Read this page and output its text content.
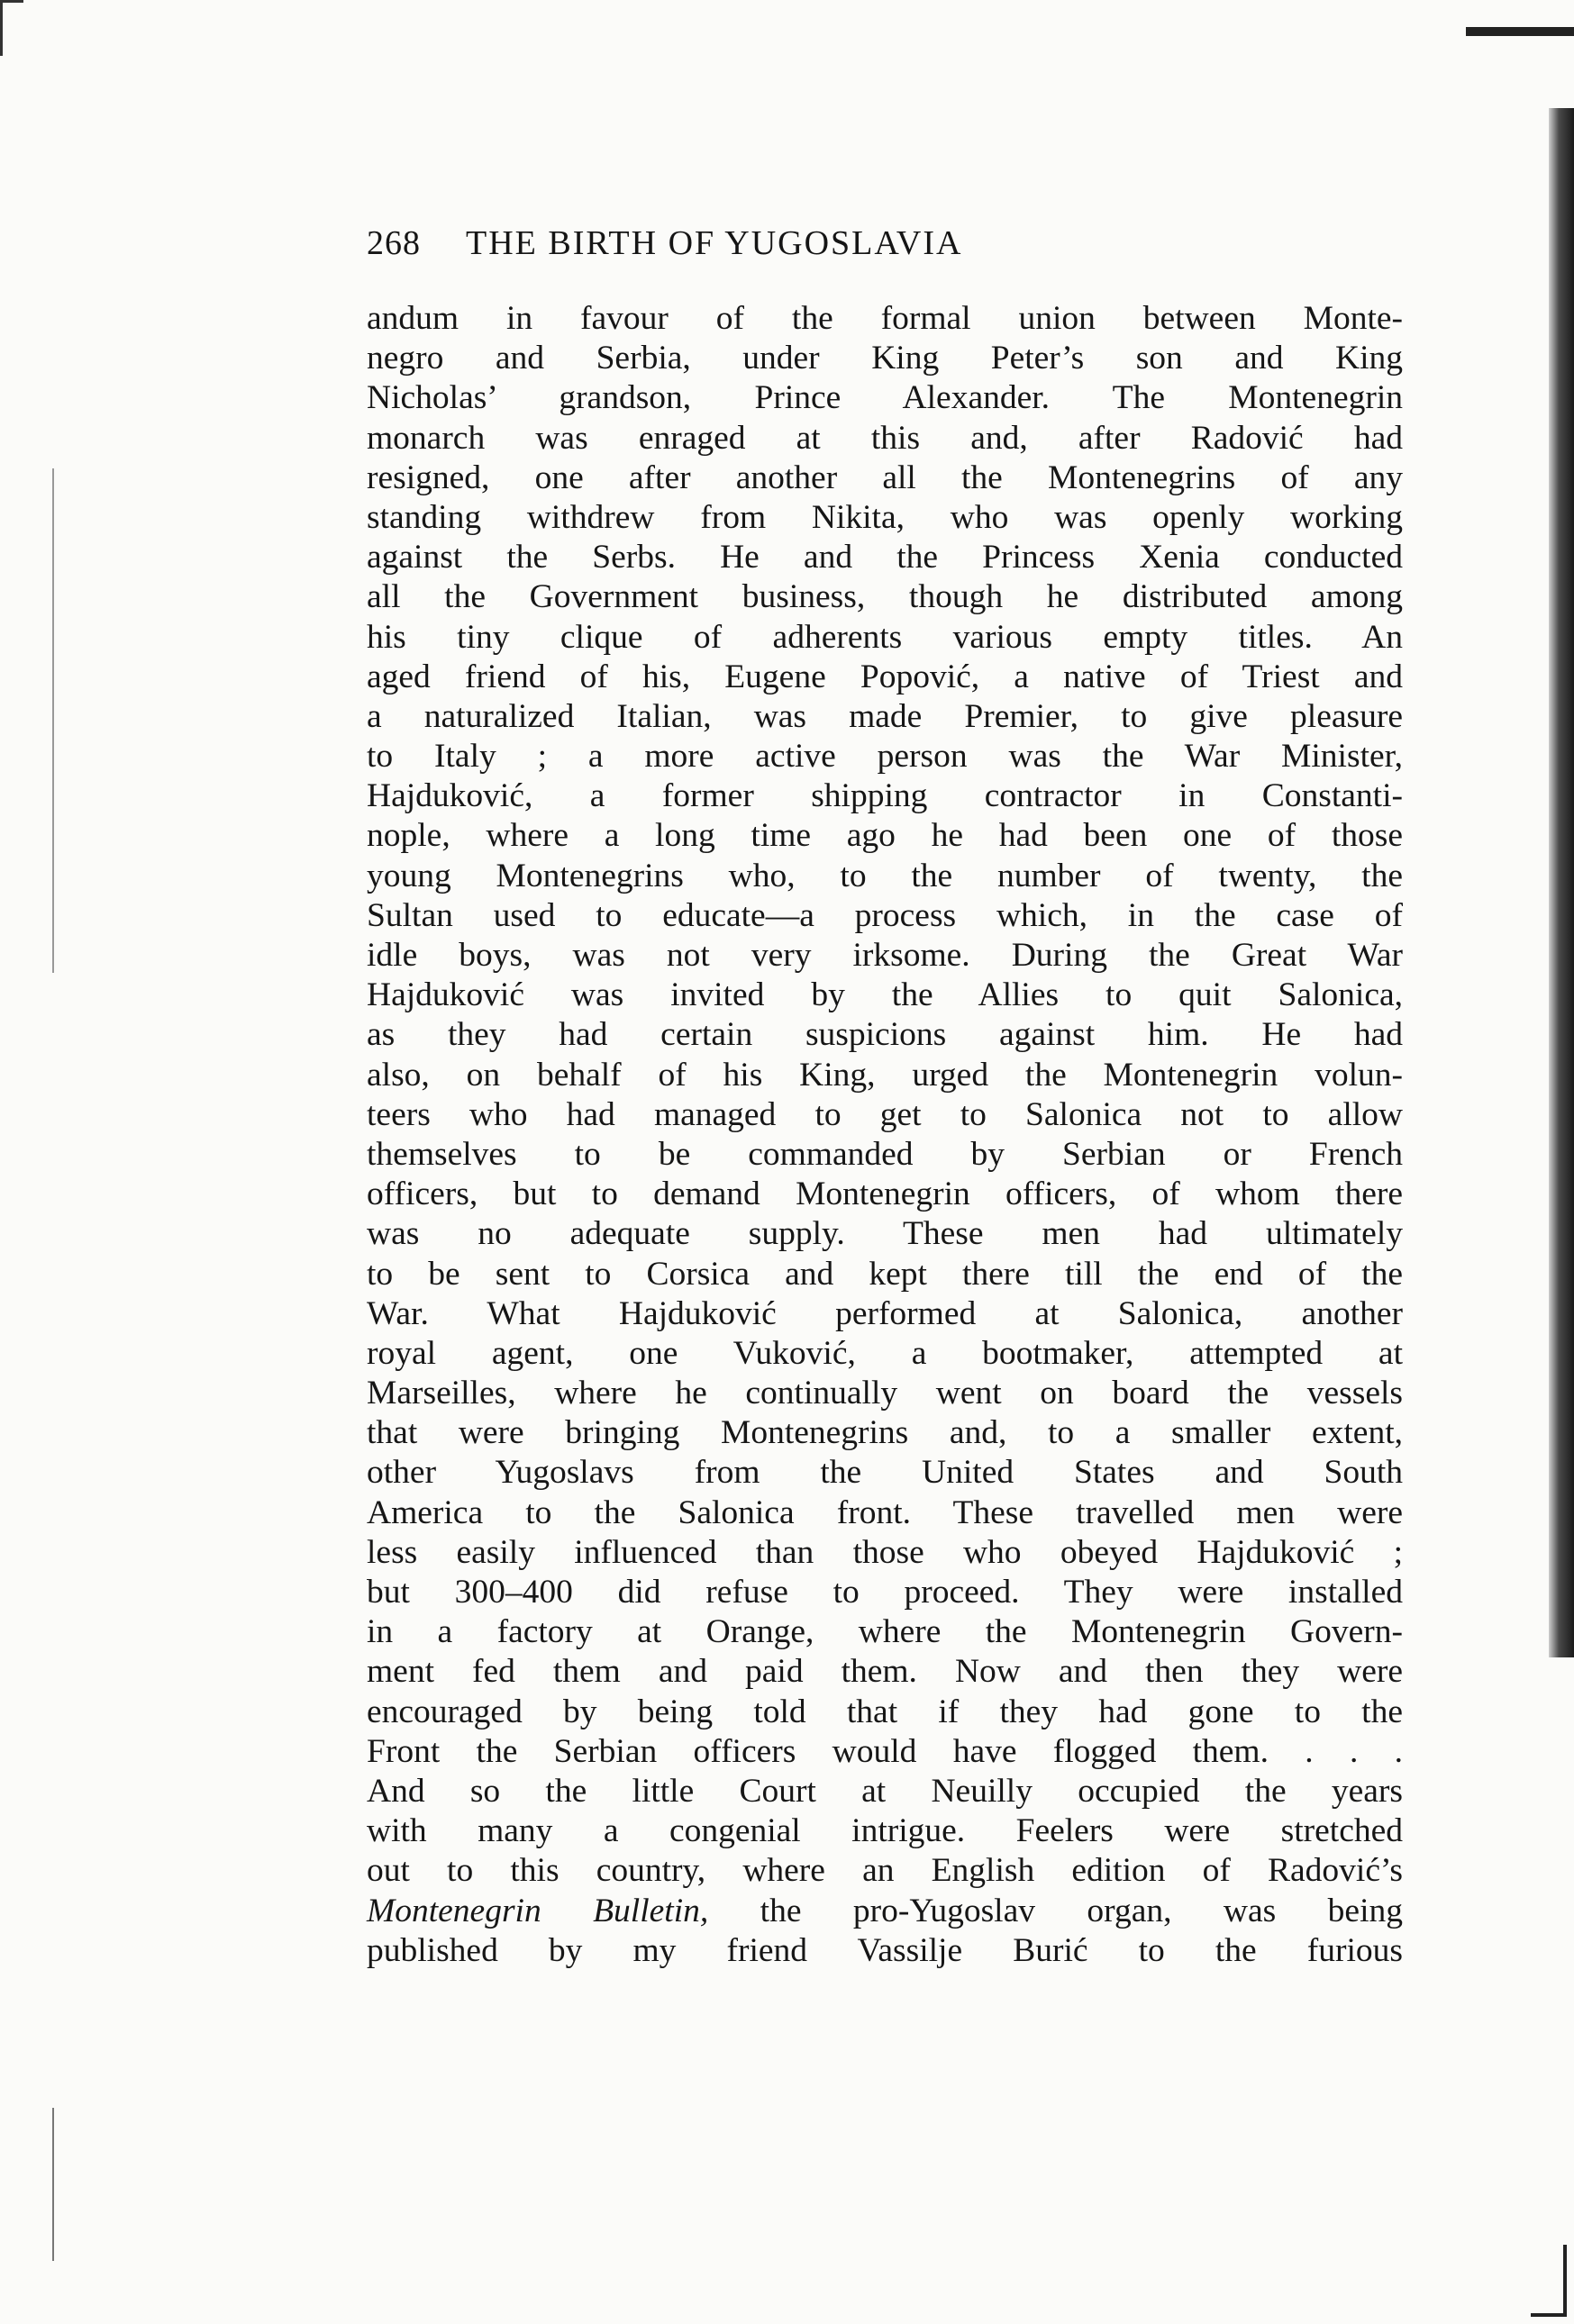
268 THE BIRTH OF YUGOSLAVIA
andum in favour of the formal union between Monte-
negro and Serbia, under King Peter’s son and King
Nicholas’ grandson, Prince Alexander. The Montenegrin
monarch was enraged at this and, after Radović had
resigned, one after another all the Montenegrins of any
standing withdrew from Nikita, who was openly working
against the Serbs. He and the Princess Xenia conducted
all the Government business, though he distributed among
his tiny clique of adherents various empty titles. An
aged friend of his, Eugene Popović, a native of Triest and
a naturalized Italian, was made Premier, to give pleasure
to Italy ; a more active person was the War Minister,
Hajduković, a former shipping contractor in Constanti-
nople, where a long time ago he had been one of those
young Montenegrins who, to the number of twenty, the
Sultan used to educate—a process which, in the case of
idle boys, was not very irksome. During the Great War
Hajduković was invited by the Allies to quit Salonica,
as they had certain suspicions against him. He had
also, on behalf of his King, urged the Montenegrin volun-
teers who had managed to get to Salonica not to allow
themselves to be commanded by Serbian or French
officers, but to demand Montenegrin officers, of whom there
was no adequate supply. These men had ultimately
to be sent to Corsica and kept there till the end of the
War. What Hajduković performed at Salonica, another
royal agent, one Vuković, a bootmaker, attempted at
Marseilles, where he continually went on board the vessels
that were bringing Montenegrins and, to a smaller extent,
other Yugoslavs from the United States and South
America to the Salonica front. These travelled men were
less easily influenced than those who obeyed Hajduković ;
but 300–400 did refuse to proceed. They were installed
in a factory at Orange, where the Montenegrin Govern-
ment fed them and paid them. Now and then they were
encouraged by being told that if they had gone to the
Front the Serbian officers would have flogged them. . . .
And so the little Court at Neuilly occupied the years
with many a congenial intrigue. Feelers were stretched
out to this country, where an English edition of Radović’s
Montenegrin Bulletin, the pro-Yugoslav organ, was being
published by my friend Vassilje Burić to the furious
